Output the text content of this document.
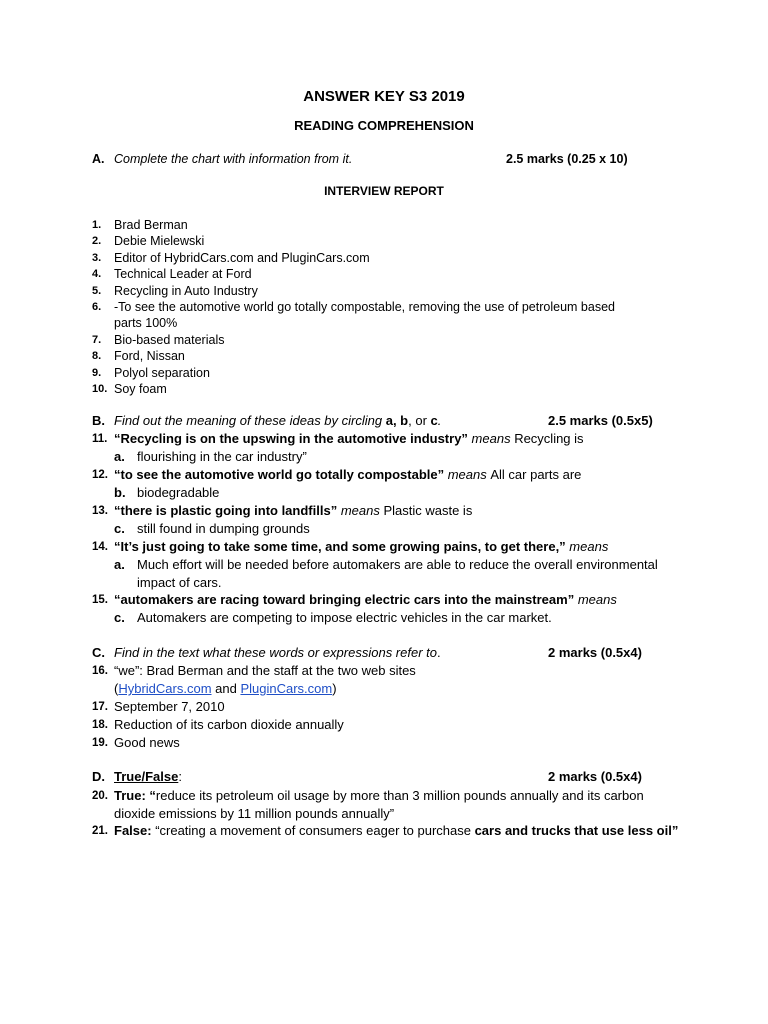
ANSWER KEY S3 2019
READING COMPREHENSION
A. Complete the chart with information from it.	2.5 marks (0.25 x 10)
INTERVIEW REPORT
1.	Brad Berman
2.	Debie Mielewski
3.	Editor of HybridCars.com and PluginCars.com
4.	Technical Leader at Ford
5.	Recycling in Auto Industry
6.	-To see the automotive world go totally compostable, removing the use of petroleum based parts 100%
7.	Bio-based materials
8.	Ford, Nissan
9.	Polyol separation
10. Soy foam
B. Find out the meaning of these ideas by circling a, b, or c.	2.5 marks (0.5x5)
11. “Recycling is on the upswing in the automotive industry” means Recycling is
a. flourishing in the car industry”
12. “to see the automotive world go totally compostable” means All car parts are
b. biodegradable
13. “there is plastic going into landfills” means Plastic waste is
c. still found in dumping grounds
14. “It’s just going to take some time, and some growing pains, to get there,” means
a. Much effort will be needed before automakers are able to reduce the overall environmental impact of cars.
15. “automakers are racing toward bringing electric cars into the mainstream” means
c. Automakers are competing to impose electric vehicles in the car market.
C. Find in the text what these words or expressions refer to.	2 marks (0.5x4)
16. “we”: Brad Berman and the staff at the two web sites
(HybridCars.com and PluginCars.com)
17. September 7, 2010
18. Reduction of its carbon dioxide annually
19. Good news
D. True/False:	2 marks (0.5x4)
20. True: “reduce its petroleum oil usage by more than 3 million pounds annually and its carbon dioxide emissions by 11 million pounds annually”
21. False: “creating a movement of consumers eager to purchase cars and trucks that use less oil”
